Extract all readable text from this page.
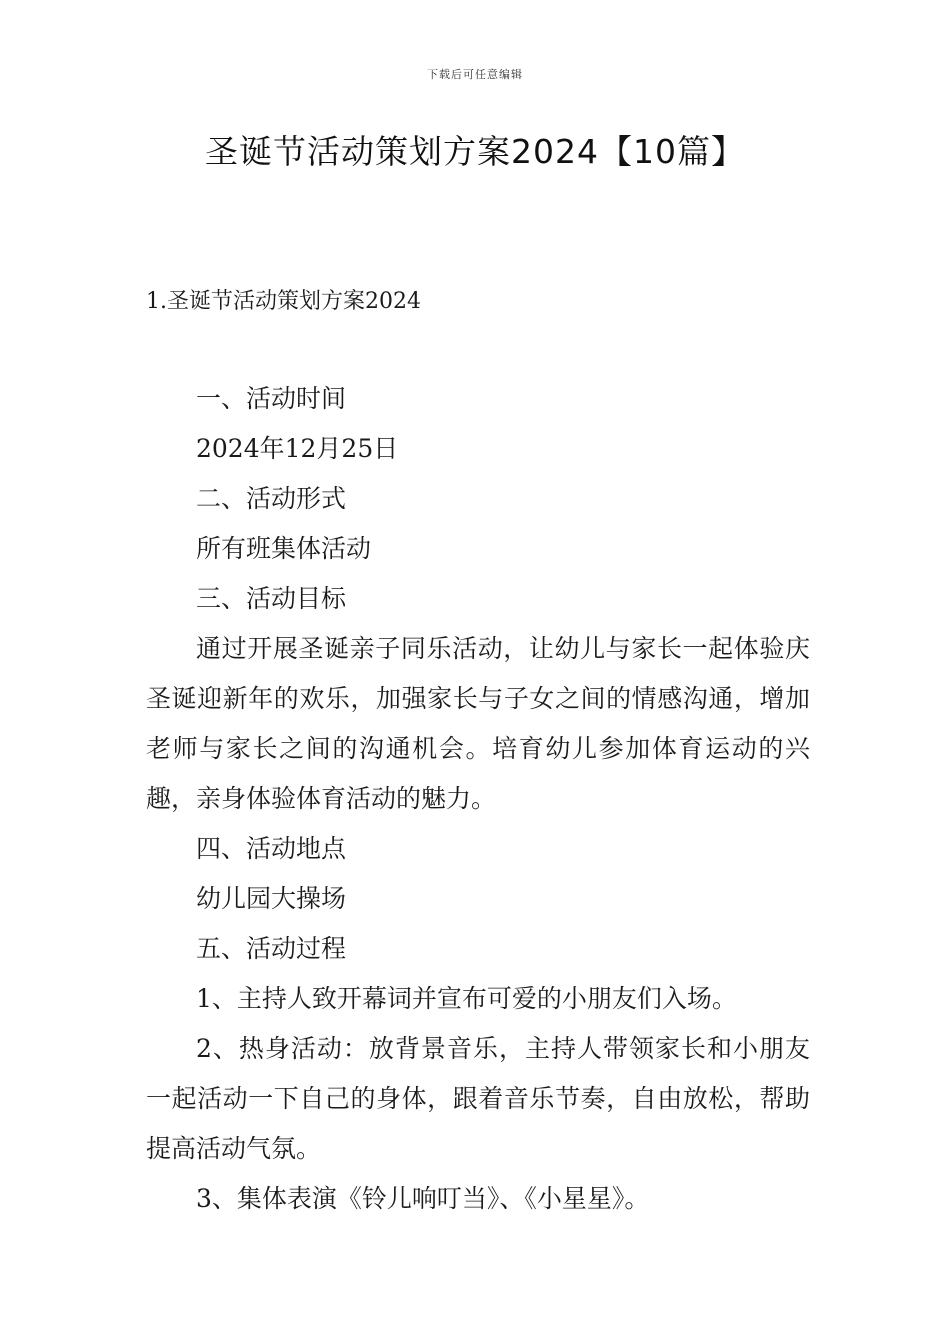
下载后可任意编辑
圣诞节活动策划方案2024【10篇】
1.圣诞节活动策划方案2024

一、活动时间

2024年12月25日

二、活动形式

所有班集体活动

三、活动目标

通过开展圣诞亲子同乐活动，让幼儿与家长一起体验庆圣诞迎新年的欢乐，加强家长与子女之间的情感沟通，增加老师与家长之间的沟通机会。培育幼儿参加体育运动的兴趣，亲身体验体育活动的魅力。

四、活动地点

幼儿园大操场

五、活动过程

1、主持人致开幕词并宣布可爱的小朋友们入场。

2、热身活动：放背景音乐，主持人带领家长和小朋友一起活动一下自己的身体，跟着音乐节奏，自由放松，帮助提高活动气氛。

3、集体表演《铃儿响叮当》、《小星星》。
